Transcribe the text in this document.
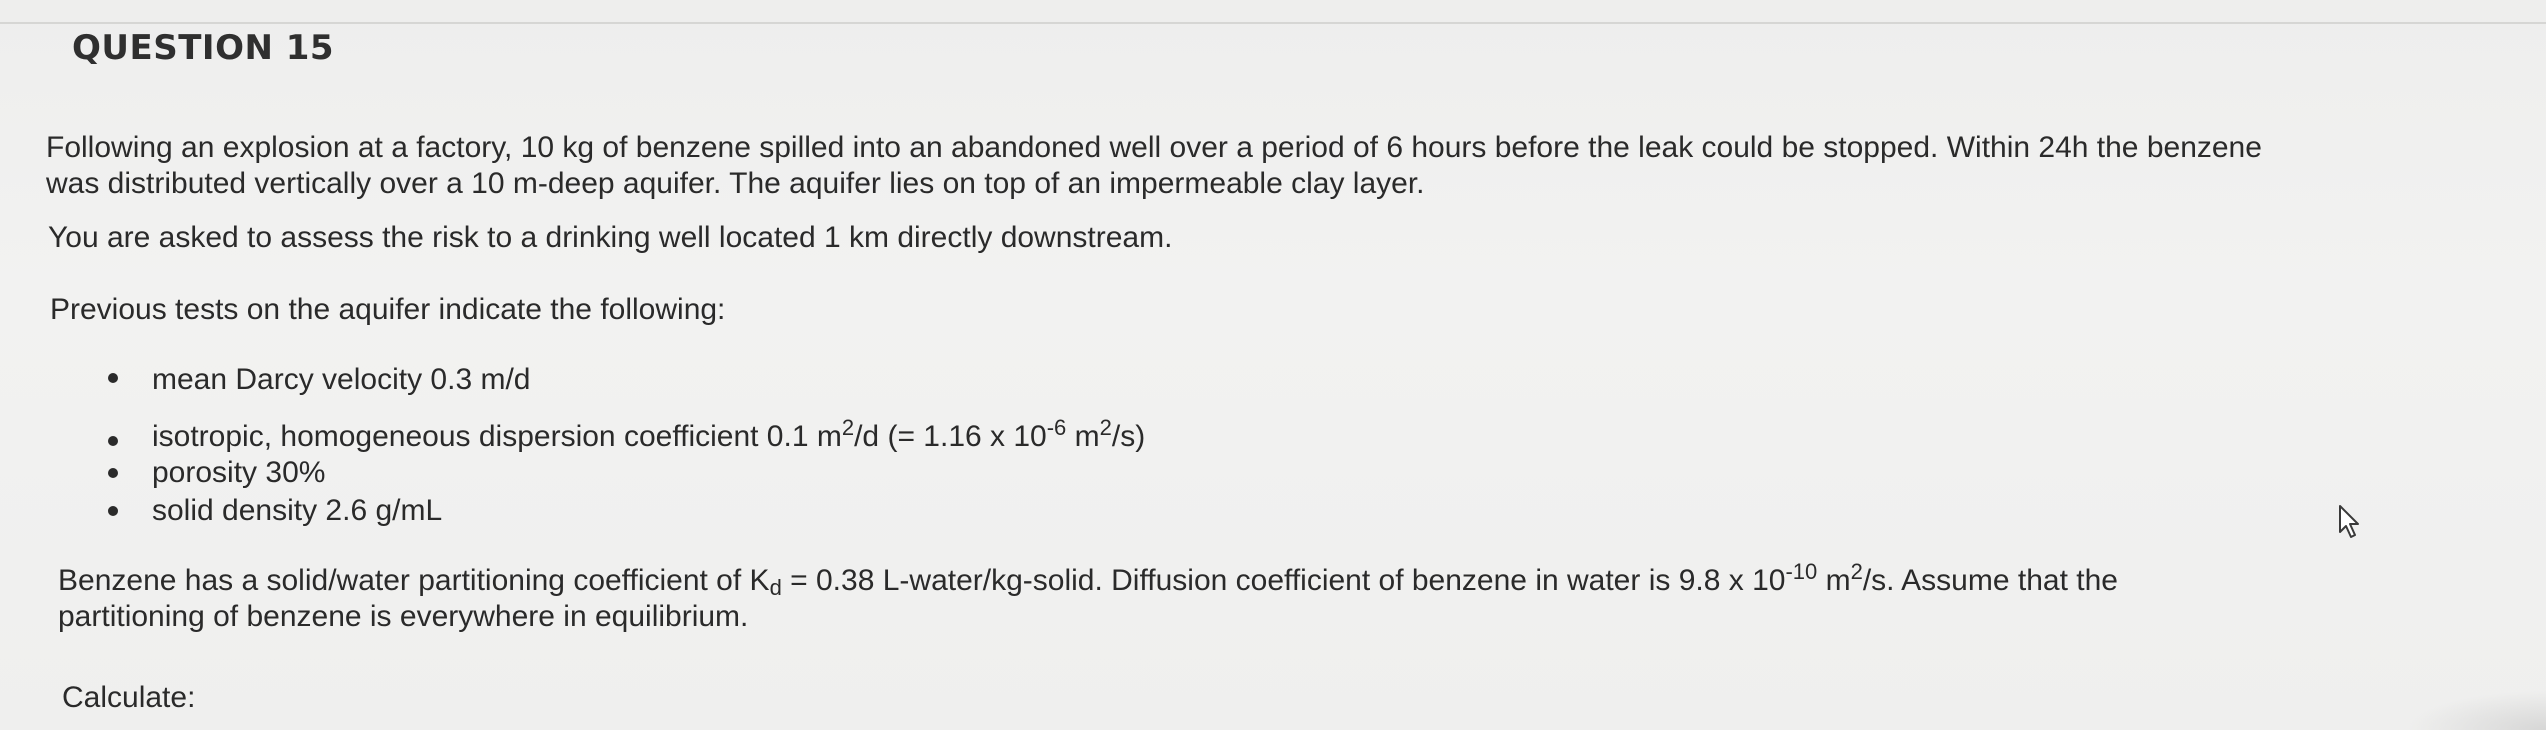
QUESTION 15
Following an explosion at a factory, 10 kg of benzene spilled into an abandoned well over a period of 6 hours before the leak could be stopped. Within 24h the benzene
was distributed vertically over a 10 m-deep aquifer. The aquifer lies on top of an impermeable clay layer.
You are asked to assess the risk to a drinking well located 1 km directly downstream.
Previous tests on the aquifer indicate the following:
mean Darcy velocity 0.3 m/d
isotropic, homogeneous dispersion coefficient 0.1 $m^2/d$ (= 1.16 x $10^{-6}$ $m^2/s$)
porosity 30%
solid density 2.6 g/mL
Benzene has a solid/water partitioning coefficient of $K_d = 0.38$ L-water/kg-solid. Diffusion coefficient of benzene in water is 9.8 x $10^{-10}$ $m^2/s$. Assume that the
partitioning of benzene is everywhere in equilibrium.
Calculate:
